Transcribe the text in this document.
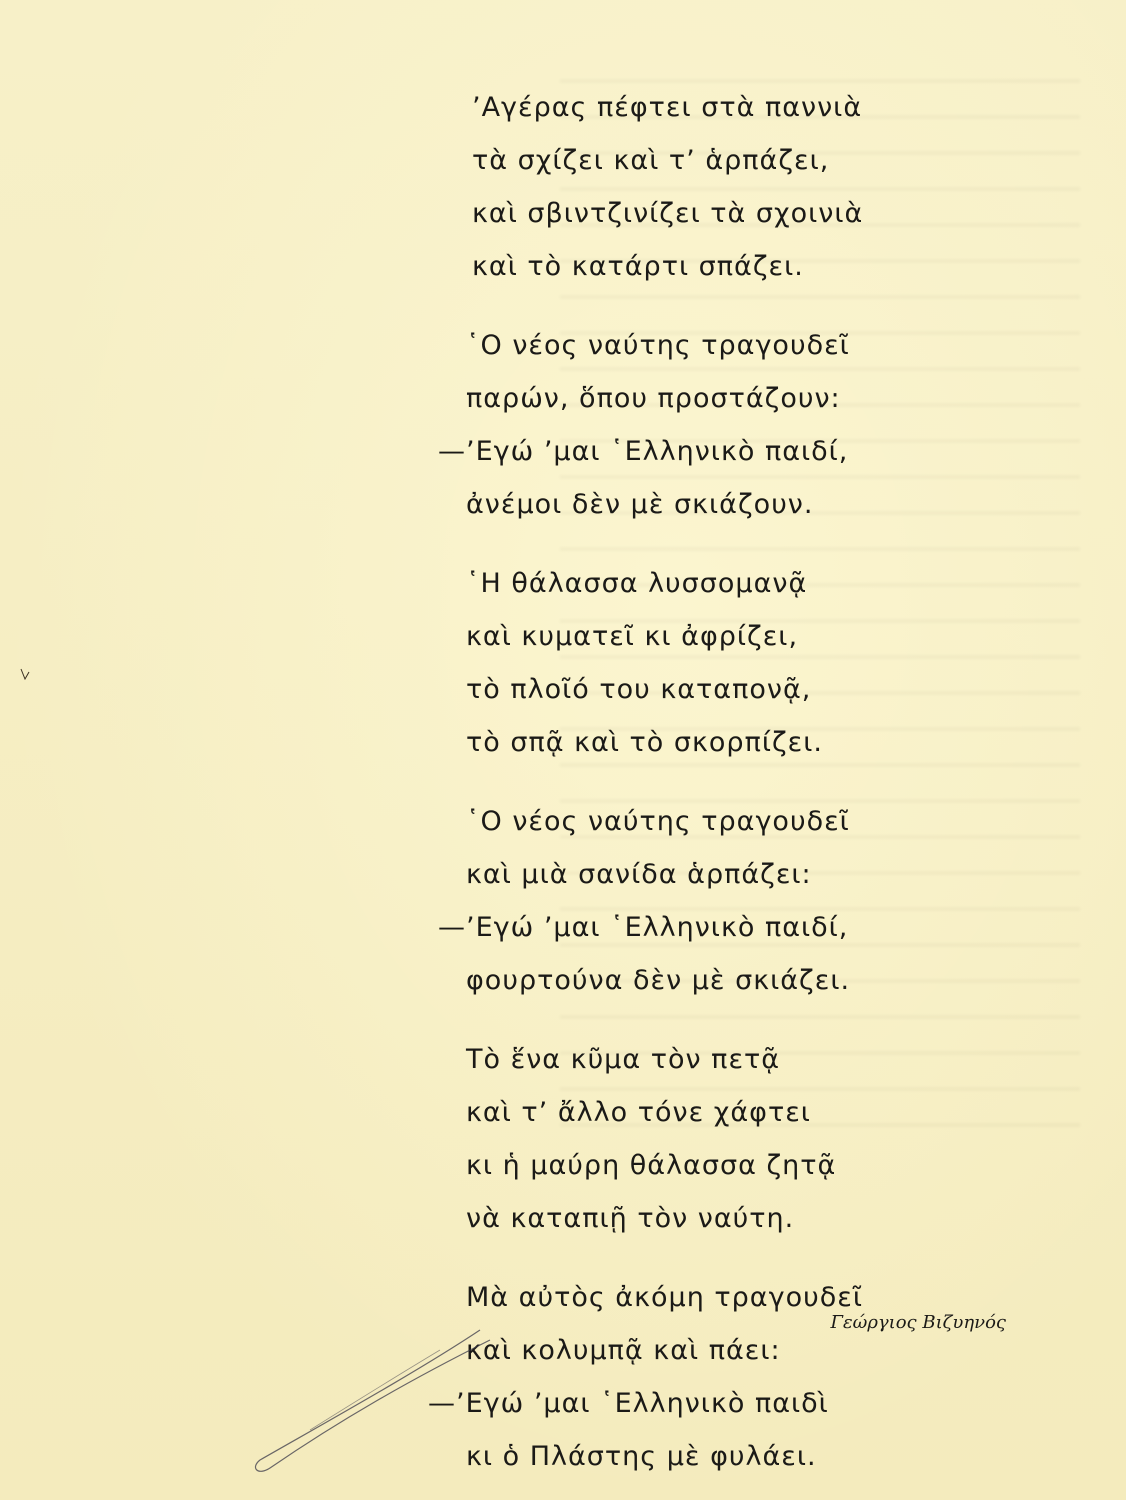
’Αγέρας πέφτει στὰ παννιὰ
τὰ σχίζει καὶ τ’ ἁρπάζει,
καὶ σβιντζινίζει τὰ σχοινιὰ
καὶ τὸ κατάρτι σπάζει.
῾Ο νέος ναύτης τραγουδεῖ
παρών, ὅπου προστάζουν:
—’Εγώ ’μαι ῾Ελληνικὸ παιδί,
ἀνέμοι δὲν μὲ σκιάζουν.
῾Η θάλασσα λυσσομανᾷ
καὶ κυματεῖ κι ἀφρίζει,
τὸ πλοῖό του καταπονᾷ,
τὸ σπᾷ καὶ τὸ σκορπίζει.
῾Ο νέος ναύτης τραγουδεῖ
καὶ μιὰ σανίδα ἁρπάζει:
—’Εγώ ’μαι ῾Ελληνικὸ παιδί,
φουρτούνα δὲν μὲ σκιάζει.
Τὸ ἕνα κῦμα τὸν πετᾷ
καὶ τ’ ἄλλο τόνε χάφτει
κι ἡ μαύρη θάλασσα ζητᾷ
νὰ καταπιῇ τὸν ναύτη.
Μὰ αὐτὸς ἀκόμη τραγουδεῖ
καὶ κολυμπᾷ καὶ πάει:
—’Εγώ ’μαι ῾Ελληνικὸ παιδὶ
κι ὁ Πλάστης μὲ φυλάει.
Γεώργιος Βιζυηνός
